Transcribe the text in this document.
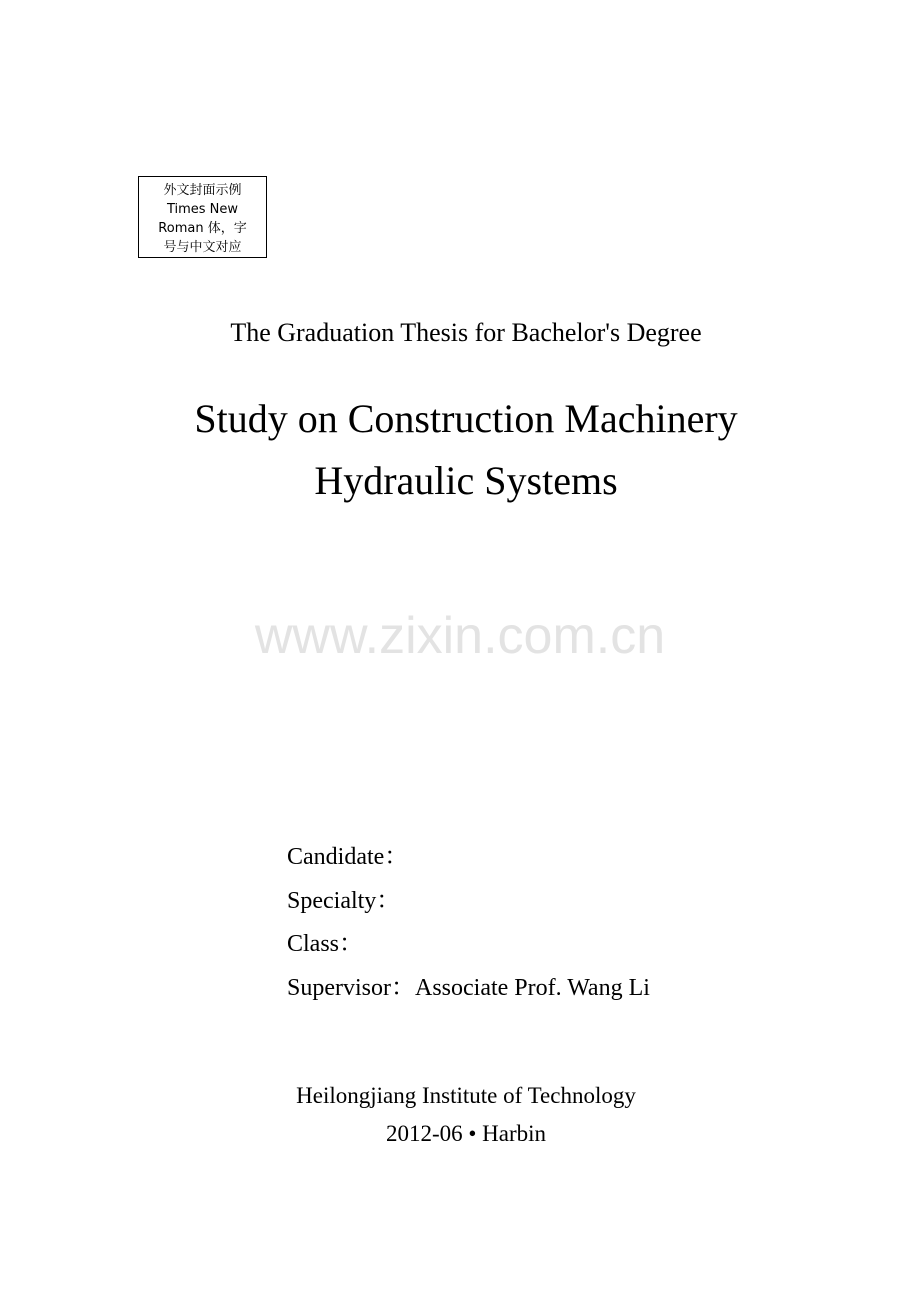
外文封面示例
Times New
Roman 体，字
号与中文对应
The Graduation Thesis for Bachelor's Degree
Study on Construction Machinery
Hydraulic Systems
www.zixin.com.cn
Candidate：
Specialty：
Class：
Supervisor：Associate Prof. Wang Li
Heilongjiang Institute of Technology
2012-06 • Harbin
